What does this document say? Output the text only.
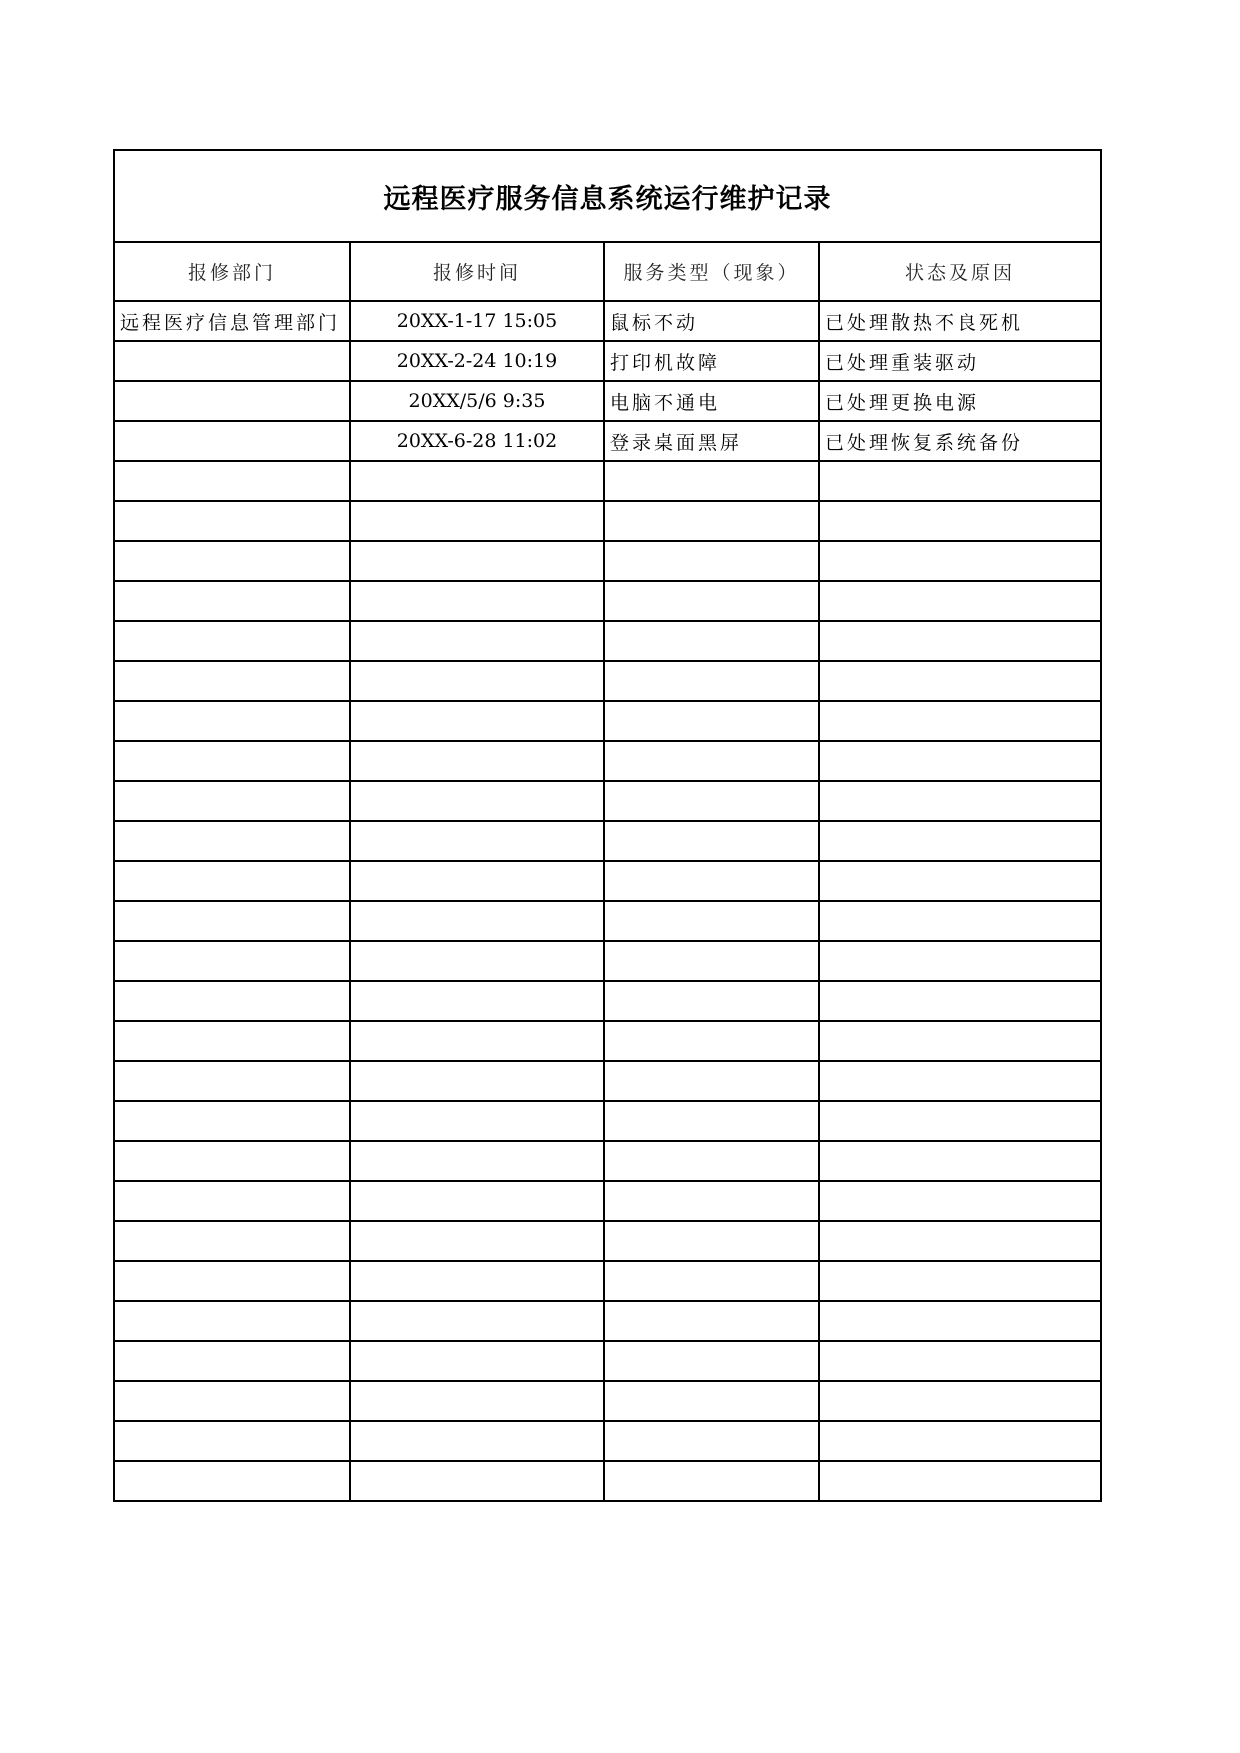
远程医疗服务信息系统运行维护记录			
报修部门	报修时间	服务类型（现象）	状态及原因
远程医疗信息管理部门	20XX-1-17 15:05	鼠标不动	已处理散热不良死机
	20XX-2-24 10:19	打印机故障	已处理重装驱动
	20XX/5/6 9:35	电脑不通电	已处理更换电源
	20XX-6-28 11:02	登录桌面黑屏	已处理恢复系统备份
